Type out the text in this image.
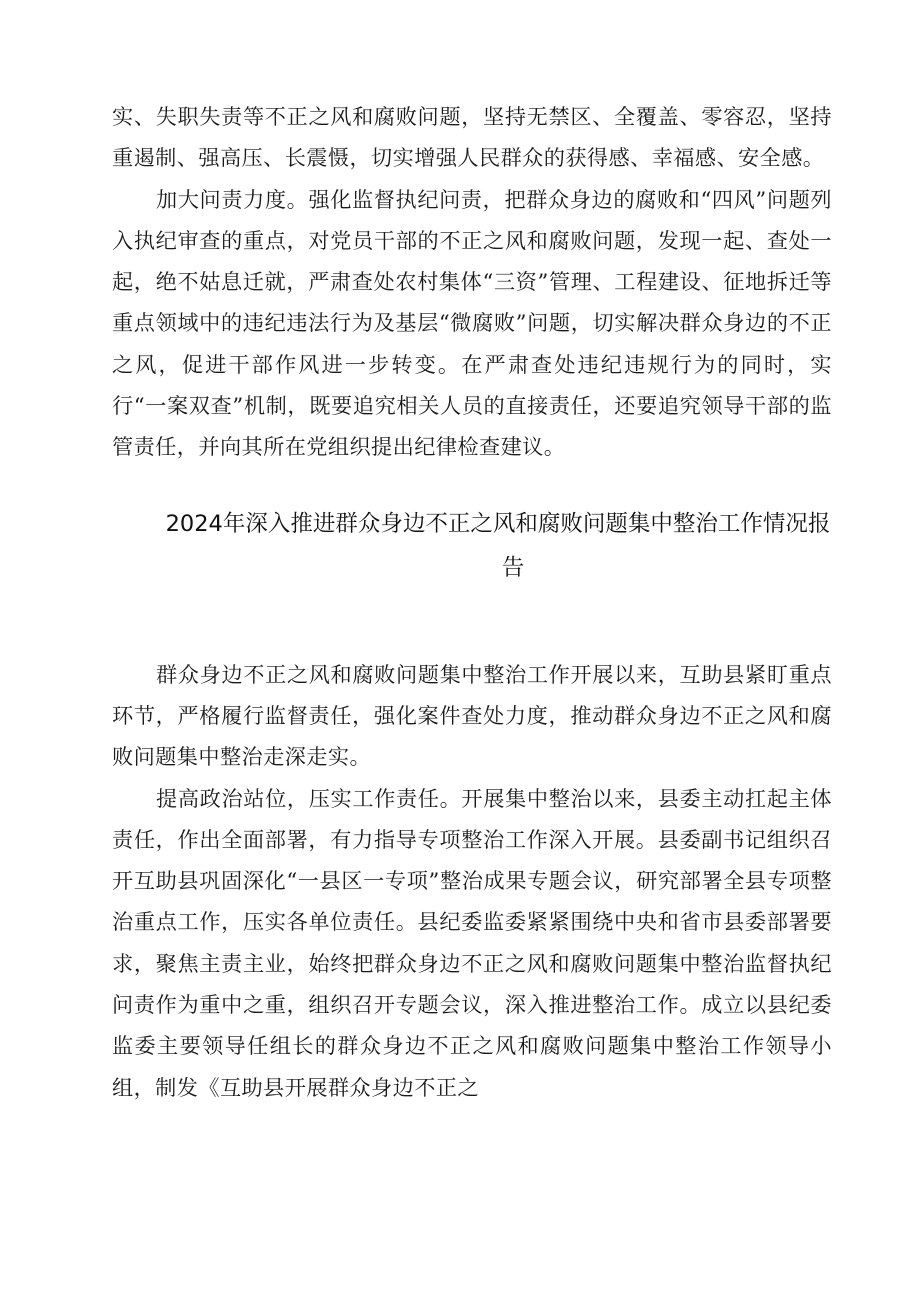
实、失职失责等不正之风和腐败问题，坚持无禁区、全覆盖、零容忍，坚持重遏制、强高压、长震慑，切实增强人民群众的获得感、幸福感、安全感。

加大问责力度。强化监督执纪问责，把群众身边的腐败和“四风”问题列入执纪审查的重点，对党员干部的不正之风和腐败问题，发现一起、查处一起，绝不姑息迁就，严肃查处农村集体“三资”管理、工程建设、征地拆迁等重点领域中的违纪违法行为及基层“微腐败”问题，切实解决群众身边的不正之风，促进干部作风进一步转变。在严肃查处违纪违规行为的同时，实行“一案双查”机制，既要追究相关人员的直接责任，还要追究领导干部的监管责任，并向其所在党组织提出纪律检查建议。

2024年深入推进群众身边不正之风和腐败问题集中整治工作情况报
告

群众身边不正之风和腐败问题集中整治工作开展以来，互助县紧盯重点环节，严格履行监督责任，强化案件查处力度，推动群众身边不正之风和腐败问题集中整治走深走实。

提高政治站位，压实工作责任。开展集中整治以来，县委主动扛起主体责任，作出全面部署，有力指导专项整治工作深入开展。县委副书记组织召开互助县巩固深化“一县区一专项”整治成果专题会议，研究部署全县专项整治重点工作，压实各单位责任。县纪委监委紧紧围绕中央和省市县委部署要求，聚焦主责主业，始终把群众身边不正之风和腐败问题集中整治监督执纪问责作为重中之重，组织召开专题会议，深入推进整治工作。成立以县纪委监委主要领导任组长的群众身边不正之风和腐败问题集中整治工作领导小组，制发《互助县开展群众身边不正之
